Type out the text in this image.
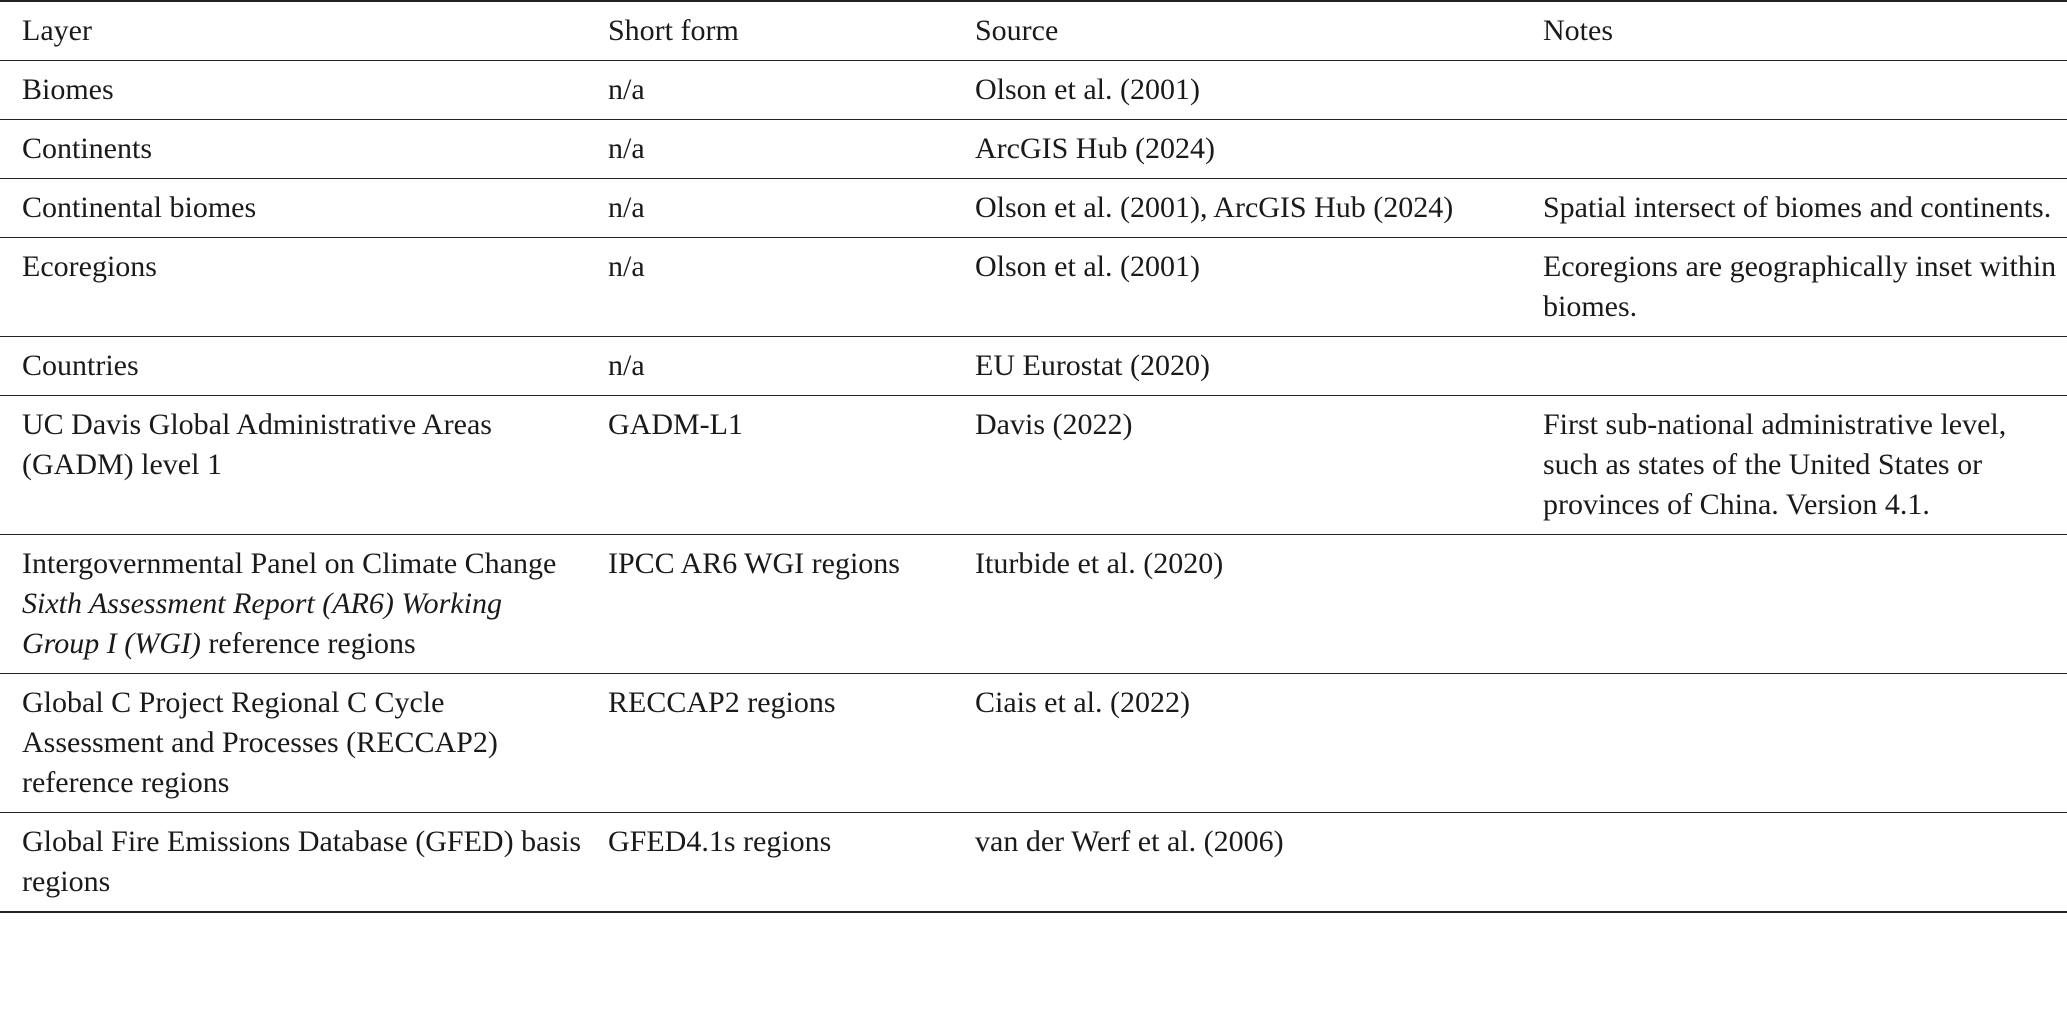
Layer	Short form	Source	Notes
Biomes	n/a	Olson et al. (2001)	
Continents	n/a	ArcGIS Hub (2024)	
Continental biomes	n/a	Olson et al. (2001), ArcGIS Hub (2024)	Spatial intersect of biomes and continents.
Ecoregions	n/a	Olson et al. (2001)	Ecoregions are geographically inset within biomes.
Countries	n/a	EU Eurostat (2020)	
UC Davis Global Administrative Areas (GADM) level 1	GADM-L1	Davis (2022)	First sub-national administrative level, such as states of the United States or provinces of China. Version 4.1.
Intergovernmental Panel on Climate Change Sixth Assessment Report (AR6) Working Group I (WGI) reference regions	IPCC AR6 WGI regions	Iturbide et al. (2020)	
Global C Project Regional C Cycle Assessment and Processes (RECCAP2) reference regions	RECCAP2 regions	Ciais et al. (2022)	
Global Fire Emissions Database (GFED) basis regions	GFED4.1s regions	van der Werf et al. (2006)	
